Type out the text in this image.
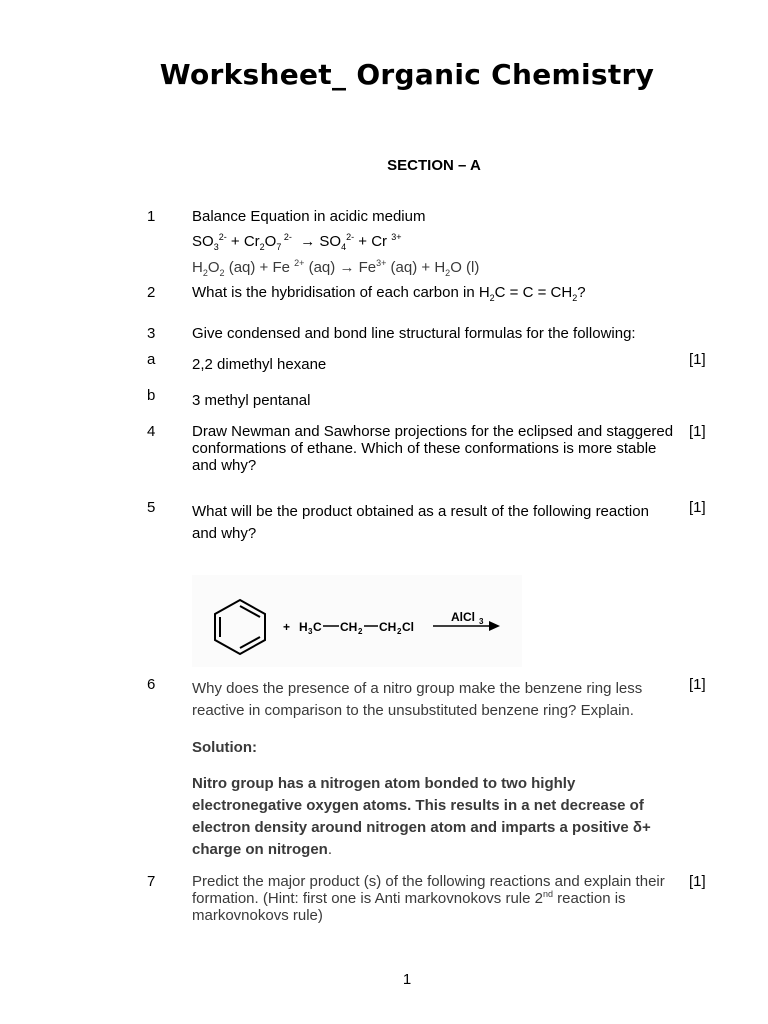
Worksheet_ Organic Chemistry
SECTION – A
1 Balance Equation in acidic medium
$SO_3^{2-} + Cr_2O_7$ $^{2-} \to SO_4^{2-} + Cr$ $^{3+}$
$H_2O_2$ (aq) + Fe $^{2+}$ $(aq) \to Fe^{3+}$ $(aq) + H_2O$ (l)
2 What is the hybridisation of each carbon in $H_2C = C = CH_2$?
3 Give condensed and bond line structural formulas for the following:
a 2,2 dimethyl hexane	[1]
b 3 methyl pentanal
4 Draw Newman and Sawhorse projections for the eclipsed and staggered conformations of ethane. Which of these conformations is more stable and why?
[1]
5 What will be the product obtained as a result of the following reaction and why?
[1]
+ H 3 C CH 2 CH 2 Cl
AlCl 3
6 Why does the presence of a nitro group make the benzene ring less reactive in comparison to the unsubstituted benzene ring? Explain.
[1]
Solution:
Nitro group has a nitrogen atom bonded to two highly electronegative oxygen atoms. This results in a net decrease of electron density around nitrogen atom and imparts a positive δ+ charge on nitrogen.
7 Predict the major product (s) of the following reactions and explain their formation. (Hint: first one is Anti markovnokovs rule 2nd reaction is markovnokovs rule)
[1]
1
